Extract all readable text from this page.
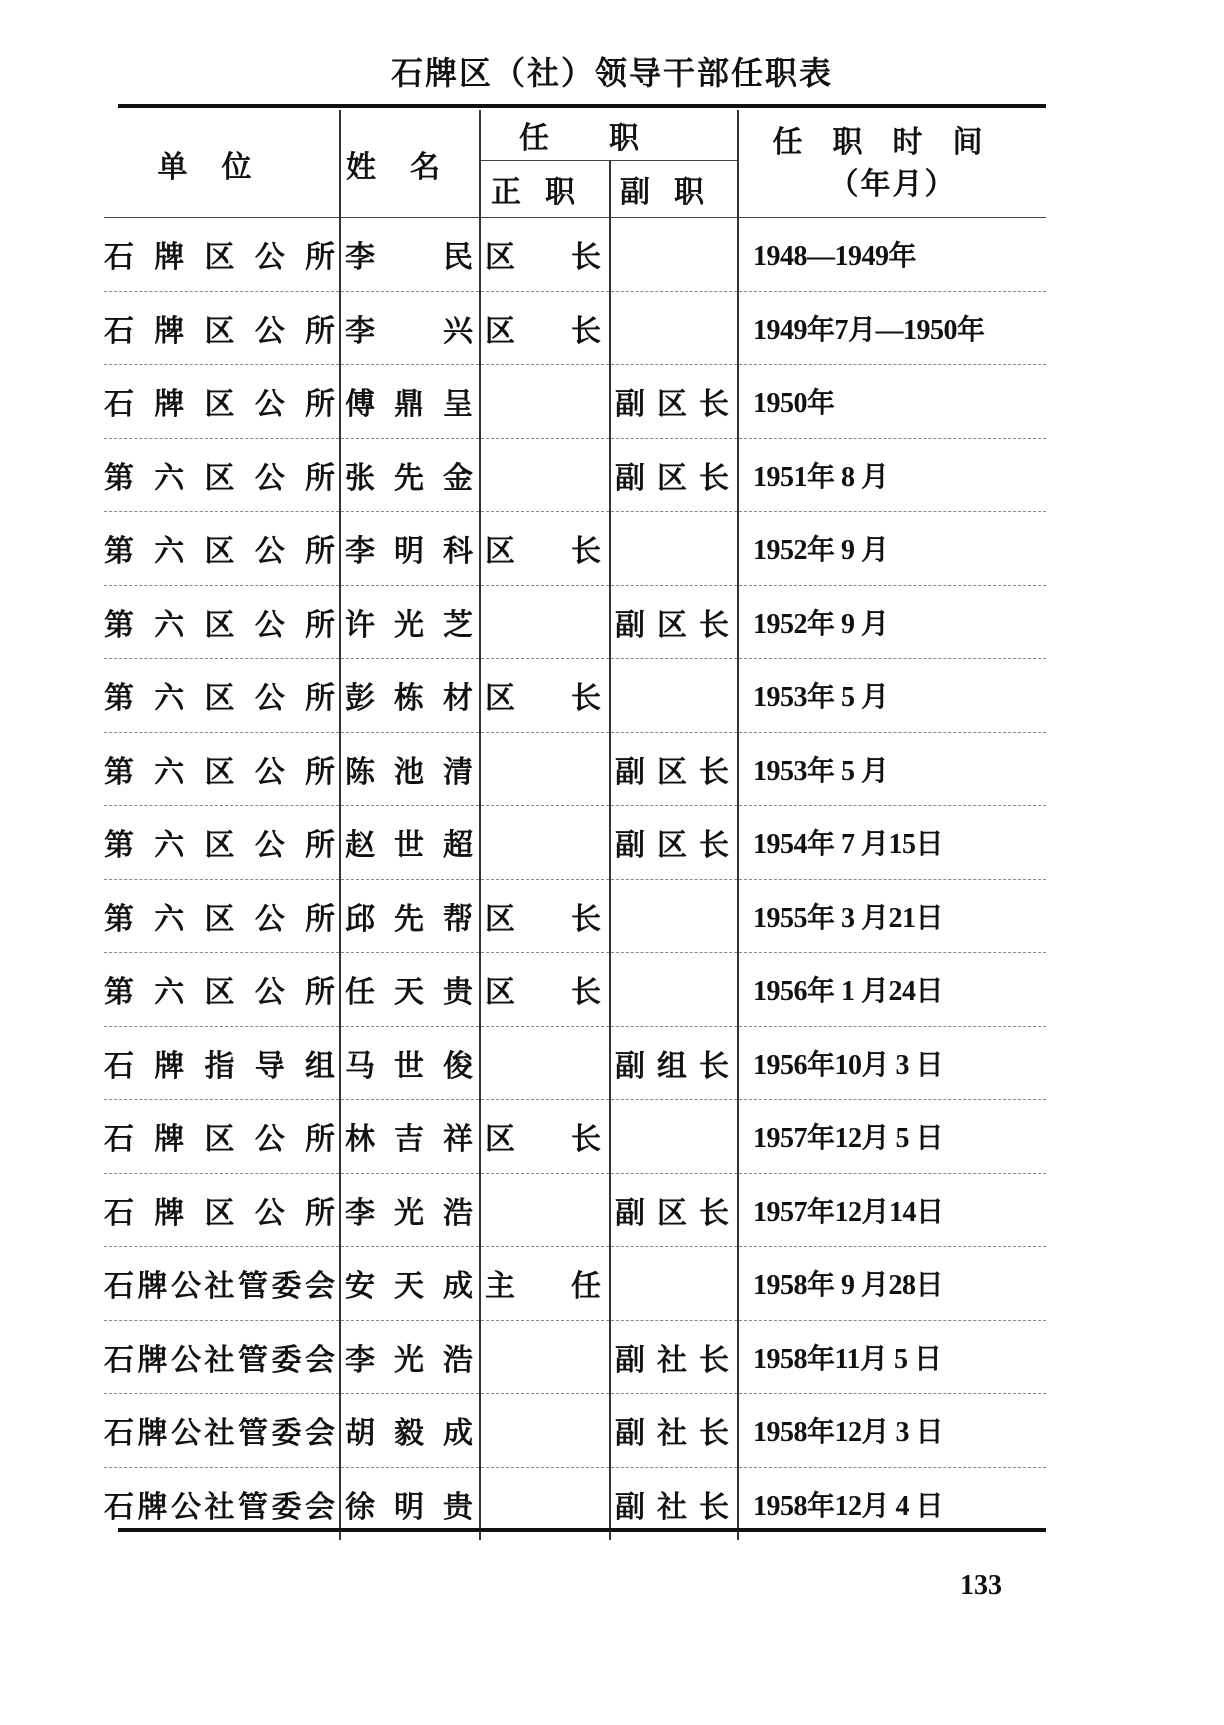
石牌区（社）领导干部任职表
单位	姓名	任职		任职时间
（年月）

		正职	副职	
石牌区公所	李民	区长		1948—1949年
石牌区公所	李兴	区长		1949年7月—1950年
石牌区公所	傅鼎呈		副区长	1950年
第六区公所	张先金		副区长	1951年 8 月
第六区公所	李明科	区长		1952年 9 月
第六区公所	许光芝		副区长	1952年 9 月
第六区公所	彭栋材	区长		1953年 5 月
第六区公所	陈池清		副区长	1953年 5 月
第六区公所	赵世超		副区长	1954年 7 月15日
第六区公所	邱先帮	区长		1955年 3 月21日
第六区公所	任天贵	区长		1956年 1 月24日
石牌指导组	马世俊		副组长	1956年10月 3 日
石牌区公所	林吉祥	区长		1957年12月 5 日
石牌区公所	李光浩		副区长	1957年12月14日
石牌公社管委会	安天成	主任		1958年 9 月28日
石牌公社管委会	李光浩		副社长	1958年11月 5 日
石牌公社管委会	胡毅成		副社长	1958年12月 3 日
石牌公社管委会	徐明贵		副社长	1958年12月 4 日
133
